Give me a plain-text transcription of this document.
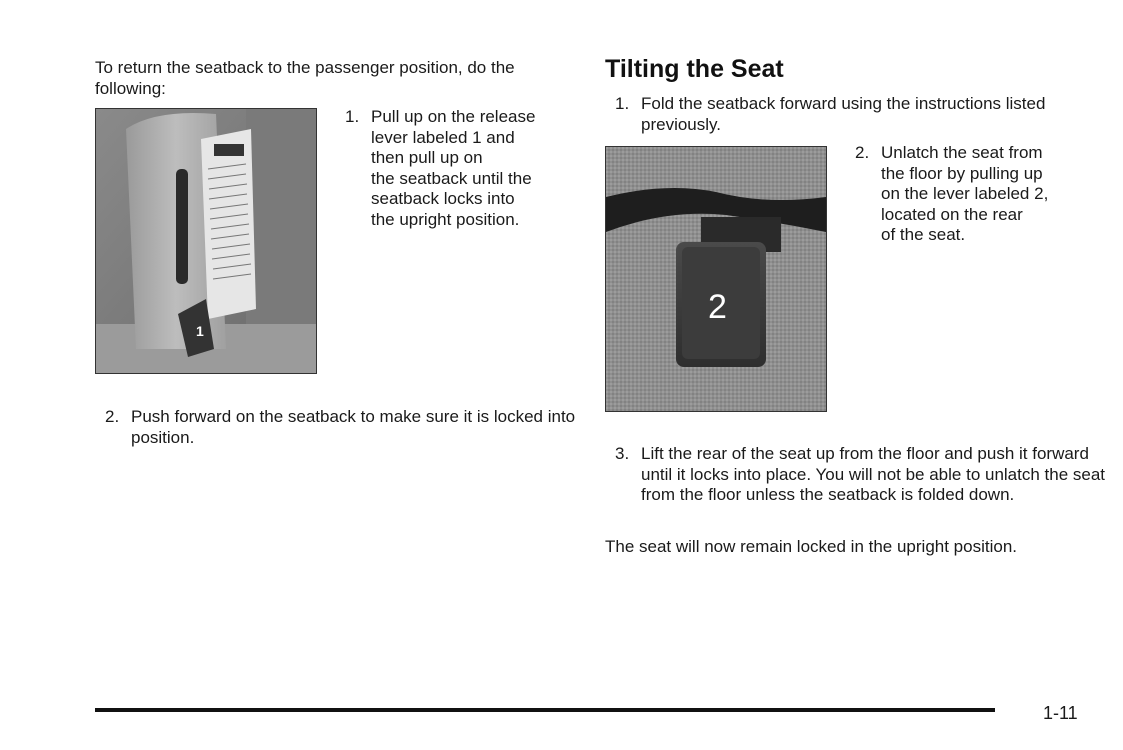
To return the seatback to the passenger position, do the following:

1
1. Pull up on the release
lever labeled 1 and
then pull up on
the seatback until the
seatback locks into
the upright position.
2. Push forward on the seatback to make sure it is locked into position.
Tilting the Seat
1. Fold the seatback forward using the instructions listed previously.
2
2. Unlatch the seat from
the floor by pulling up
on the lever labeled 2,
located on the rear
of the seat.
3. Lift the rear of the seat up from the floor and push it forward until it locks into place. You will not be able to unlatch the seat from the floor unless the seatback is folded down.

The seat will now remain locked in the upright position.

1-11
